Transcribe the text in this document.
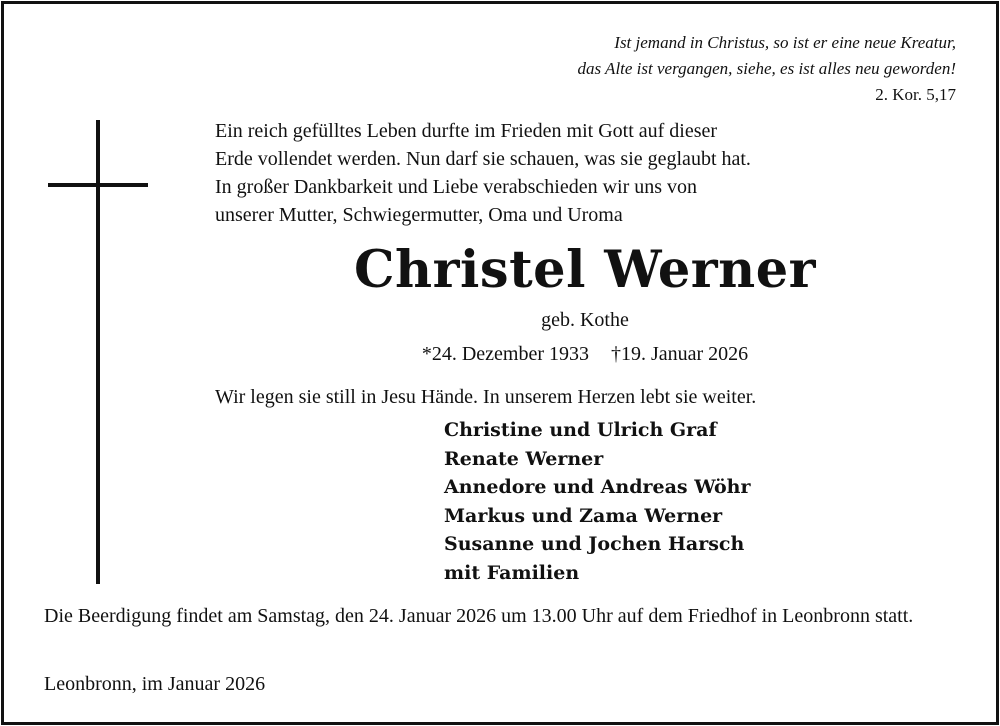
Ist jemand in Christus, so ist er eine neue Kreatur,
das Alte ist vergangen, siehe, es ist alles neu geworden!
2. Kor. 5,17
Ein reich gefülltes Leben durfte im Frieden mit Gott auf dieser
Erde vollendet werden. Nun darf sie schauen, was sie geglaubt hat.
In großer Dankbarkeit und Liebe verabschieden wir uns von
unserer Mutter, Schwiegermutter, Oma und Uroma
Christel Werner
geb. Kothe
*24. Dezember 1933 †19. Januar 2026
Wir legen sie still in Jesu Hände. In unserem Herzen lebt sie weiter.
Christine und Ulrich Graf
Renate Werner
Annedore und Andreas Wöhr
Markus und Zama Werner
Susanne und Jochen Harsch
mit Familien
Die Beerdigung findet am Samstag, den 24. Januar 2026 um 13.00 Uhr auf dem Friedhof in Leonbronn statt.
Leonbronn, im Januar 2026
